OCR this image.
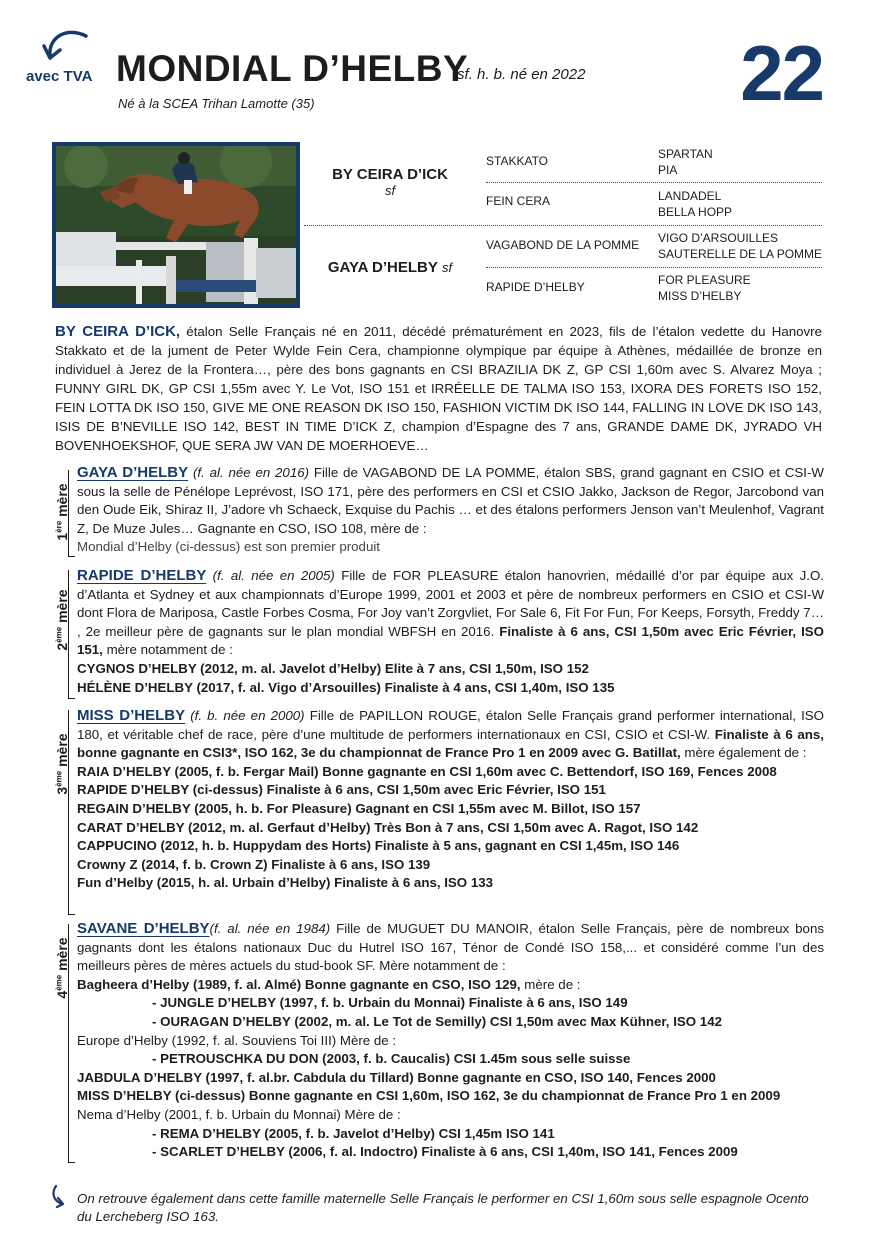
avec TVA MONDIAL D’HELBY
sf. h. b. né en 2022
Né à la SCEA Trihan Lamotte (35)	22
BY CEIRA D’ICK
sf
GAYA D’HELBY sf
STAKKATO
FEIN CERA
VAGABOND DE LA POMME
RAPIDE D’HELBY
SPARTAN
PIA
LANDADEL
BELLA HOPP
VIGO D’ARSOUILLES
SAUTERELLE DE LA POMME
FOR PLEASURE
MISS D’HELBY

BY CEIRA D’ICK, étalon Selle Français né en 2011, décédé prématurément en 2023, fils de l’étalon vedette du Hanovre Stakkato et de la jument de Peter Wylde Fein Cera, championne olympique par équipe à Athènes, médaillée de bronze en individuel à Jerez de la Frontera…, père des bons gagnants en CSI BRAZILIA DK Z, GP CSI 1,60m avec S. Alvarez Moya ; FUNNY GIRL DK, GP CSI 1,55m avec Y. Le Vot, ISO 151 et IRRÉELLE DE TALMA ISO 153, IXORA DES FORETS ISO 152, FEIN LOTTA DK ISO 150, GIVE ME ONE REASON DK ISO 150, FASHION VICTIM DK ISO 144, FALLING IN LOVE DK ISO 143, ISIS DE B’NEVILLE ISO 142, BEST IN TIME D’ICK Z, champion d’Espagne des 7 ans, GRANDE DAME DK, JYRADO VH BOVENHOEKSHOF, QUE SERA JW VAN DE MOERHOEVE…

1ère mère

GAYA D’HELBY (f. al. née en 2016) Fille de VAGABOND DE LA POMME, étalon SBS, grand gagnant en CSIO et CSI-W sous la selle de Pénélope Leprévost, ISO 171, père des performers en CSI et CSIO Jakko, Jackson de Regor, Jarcobond van den Oude Eik, Shiraz II, J’adore vh Schaeck, Exquise du Pachis … et des étalons performers Jenson van’t Meulenhof, Vagrant Z, De Muze Jules… Gagnante en CSO, ISO 108, mère de :

Mondial d’Helby (ci-dessus) est son premier produit
2ème mère

RAPIDE D’HELBY (f. al. née en 2005) Fille de FOR PLEASURE étalon hanovrien, médaillé d’or par équipe aux J.O. d’Atlanta et Sydney et aux championnats d’Europe 1999, 2001 et 2003 et père de nombreux performers en CSIO et CSI-W dont Flora de Mariposa, Castle Forbes Cosma, For Joy van’t Zorgvliet, For Sale 6, Fit For Fun, For Keeps, Forsyth, Freddy 7… , 2e meilleur père de gagnants sur le plan mondial WBFSH en 2016. Finaliste à 6 ans, CSI 1,50m avec Eric Février, ISO 151, mère notamment de :

CYGNOS D’HELBY (2012, m. al. Javelot d’Helby) Elite à 7 ans, CSI 1,50m, ISO 152
HÉLÈNE D’HELBY (2017, f. al. Vigo d’Arsouilles) Finaliste à 4 ans, CSI 1,40m, ISO 135
3ème mère

MISS D’HELBY (f. b. née en 2000) Fille de PAPILLON ROUGE, étalon Selle Français grand performer international, ISO 180, et véritable chef de race, père d’une multitude de performers internationaux en CSI, CSIO et CSI-W. Finaliste à 6 ans, bonne gagnante en CSI3*, ISO 162, 3e du championnat de France Pro 1 en 2009 avec G. Batillat, mère également de :

RAIA D’HELBY (2005, f. b. Fergar Mail) Bonne gagnante en CSI 1,60m avec C. Bettendorf, ISO 169, Fences 2008
RAPIDE D’HELBY (ci-dessus) Finaliste à 6 ans, CSI 1,50m avec Eric Février, ISO 151
REGAIN D’HELBY (2005, h. b. For Pleasure) Gagnant en CSI 1,55m avec M. Billot, ISO 157
CARAT D’HELBY (2012, m. al. Gerfaut d’Helby) Très Bon à 7 ans, CSI 1,50m avec A. Ragot, ISO 142
CAPPUCINO (2012, h. b. Huppydam des Horts) Finaliste à 5 ans, gagnant en CSI 1,45m, ISO 146
Crowny Z (2014, f. b. Crown Z) Finaliste à 6 ans, ISO 139
Fun d’Helby (2015, h. al. Urbain d’Helby) Finaliste à 6 ans, ISO 133
4ème mère

SAVANE D’HELBY(f. al. née en 1984) Fille de MUGUET DU MANOIR, étalon Selle Français, père de nombreux bons gagnants dont les étalons nationaux Duc du Hutrel ISO 167, Ténor de Condé ISO 158,... et considéré comme l’un des meilleurs pères de mères actuels du stud-book SF. Mère notamment de :

Bagheera d’Helby (1989, f. al. Almé) Bonne gagnante en CSO, ISO 129, mère de :
- JUNGLE D’HELBY (1997, f. b. Urbain du Monnai) Finaliste à 6 ans, ISO 149
- OURAGAN D’HELBY (2002, m. al. Le Tot de Semilly) CSI 1,50m avec Max Kühner, ISO 142
Europe d’Helby (1992, f. al. Souviens Toi III) Mère de :
- PETROUSCHKA DU DON (2003, f. b. Caucalis) CSI 1.45m sous selle suisse
JABDULA D’HELBY (1997, f. al.br. Cabdula du Tillard) Bonne gagnante en CSO, ISO 140, Fences 2000
MISS D’HELBY (ci-dessus) Bonne gagnante en CSI 1,60m, ISO 162, 3e du championnat de France Pro 1 en 2009
Nema d’Helby (2001, f. b. Urbain du Monnai) Mère de :
- REMA D’HELBY (2005, f. b. Javelot d’Helby) CSI 1,45m ISO 141
- SCARLET D’HELBY (2006, f. al. Indoctro) Finaliste à 6 ans, CSI 1,40m, ISO 141, Fences 2009

On retrouve également dans cette famille maternelle Selle Français le performer en CSI 1,60m sous selle espagnole Ocento du Lercheberg ISO 163.
